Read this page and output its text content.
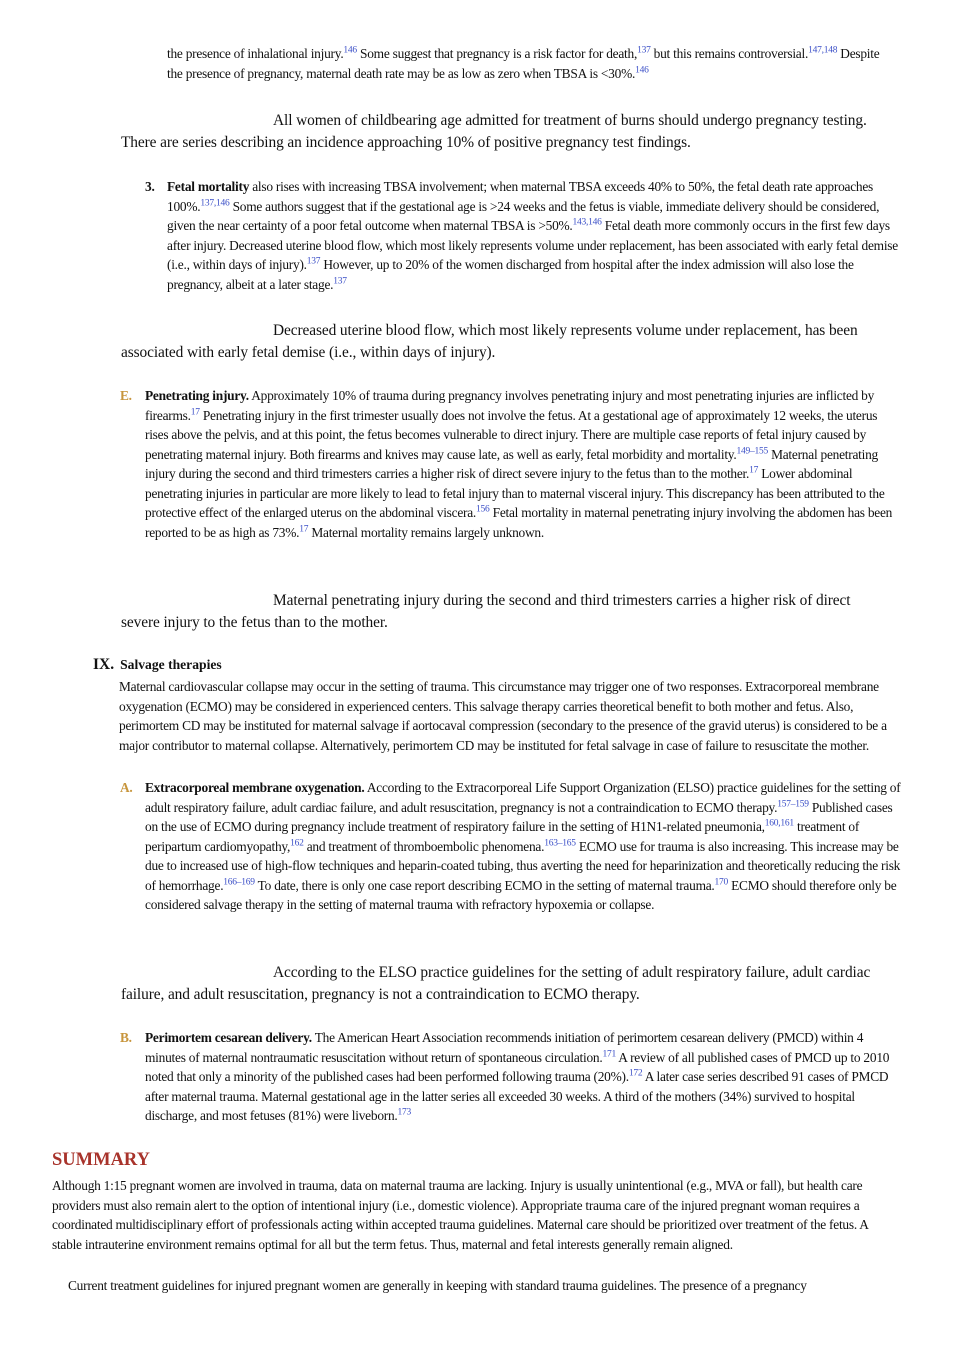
the presence of inhalational injury.$^{146}$ Some suggest that pregnancy is a risk factor for death,$^{137}$ but this remains controversial.$^{147,148}$ Despite the presence of pregnancy, maternal death rate may be as low as zero when TBSA is <30%.$^{146}$
All women of childbearing age admitted for treatment of burns should undergo pregnancy testing. There are series describing an incidence approaching 10% of positive pregnancy test findings.
3. Fetal mortality also rises with increasing TBSA involvement; when maternal TBSA exceeds 40% to 50%, the fetal death rate approaches 100%.$^{137,146}$ Some authors suggest that if the gestational age is >24 weeks and the fetus is viable, immediate delivery should be considered, given the near certainty of a poor fetal outcome when maternal TBSA is >50%.$^{143,146}$ Fetal death more commonly occurs in the first few days after injury. Decreased uterine blood flow, which most likely represents volume under replacement, has been associated with early fetal demise (i.e., within days of injury).$^{137}$ However, up to 20% of the women discharged from hospital after the index admission will also lose the pregnancy, albeit at a later stage.$^{137}$
Decreased uterine blood flow, which most likely represents volume under replacement, has been associated with early fetal demise (i.e., within days of injury).
E. Penetrating injury. Approximately 10% of trauma during pregnancy involves penetrating injury and most penetrating injuries are inflicted by firearms.$^{17}$ Penetrating injury in the first trimester usually does not involve the fetus. At a gestational age of approximately 12 weeks, the uterus rises above the pelvis, and at this point, the fetus becomes vulnerable to direct injury. There are multiple case reports of fetal injury caused by penetrating maternal injury. Both firearms and knives may cause late, as well as early, fetal morbidity and mortality.$^{149-155}$ Maternal penetrating injury during the second and third trimesters carries a higher risk of direct severe injury to the fetus than to the mother.$^{17}$ Lower abdominal penetrating injuries in particular are more likely to lead to fetal injury than to maternal visceral injury. This discrepancy has been attributed to the protective effect of the enlarged uterus on the abdominal viscera.$^{156}$ Fetal mortality in maternal penetrating injury involving the abdomen has been reported to be as high as 73%.$^{17}$ Maternal mortality remains largely unknown.
Maternal penetrating injury during the second and third trimesters carries a higher risk of direct severe injury to the fetus than to the mother.
IX. Salvage therapies
Maternal cardiovascular collapse may occur in the setting of trauma. This circumstance may trigger one of two responses. Extracorporeal membrane oxygenation (ECMO) may be considered in experienced centers. This salvage therapy carries theoretical benefit to both mother and fetus. Also, perimortem CD may be instituted for maternal salvage if aortocaval compression (secondary to the presence of the gravid uterus) is considered to be a major contributor to maternal collapse. Alternatively, perimortem CD may be instituted for fetal salvage in case of failure to resuscitate the mother.
A. Extracorporeal membrane oxygenation. According to the Extracorporeal Life Support Organization (ELSO) practice guidelines for the setting of adult respiratory failure, adult cardiac failure, and adult resuscitation, pregnancy is not a contraindication to ECMO therapy.$^{157-159}$ Published cases on the use of ECMO during pregnancy include treatment of respiratory failure in the setting of H1N1-related pneumonia,$^{160,161}$ treatment of peripartum cardiomyopathy,$^{162}$ and treatment of thromboembolic phenomena.$^{163-165}$ ECMO use for trauma is also increasing. This increase may be due to increased use of high-flow techniques and heparin-coated tubing, thus averting the need for heparinization and theoretically reducing the risk of hemorrhage.$^{166-169}$ To date, there is only one case report describing ECMO in the setting of maternal trauma.$^{170}$ ECMO should therefore only be considered salvage therapy in the setting of maternal trauma with refractory hypoxemia or collapse.
According to the ELSO practice guidelines for the setting of adult respiratory failure, adult cardiac failure, and adult resuscitation, pregnancy is not a contraindication to ECMO therapy.
B. Perimortem cesarean delivery. The American Heart Association recommends initiation of perimortem cesarean delivery (PMCD) within 4 minutes of maternal nontraumatic resuscitation without return of spontaneous circulation.$^{171}$ A review of all published cases of PMCD up to 2010 noted that only a minority of the published cases had been performed following trauma (20%).$^{172}$ A later case series described 91 cases of PMCD after maternal trauma. Maternal gestational age in the latter series all exceeded 30 weeks. A third of the mothers (34%) survived to hospital discharge, and most fetuses (81%) were liveborn.$^{173}$
SUMMARY
Although 1:15 pregnant women are involved in trauma, data on maternal trauma are lacking. Injury is usually unintentional (e.g., MVA or fall), but health care providers must also remain alert to the option of intentional injury (i.e., domestic violence). Appropriate trauma care of the injured pregnant woman requires a coordinated multidisciplinary effort of professionals acting within accepted trauma guidelines. Maternal care should be prioritized over treatment of the fetus. A stable intrauterine environment remains optimal for all but the term fetus. Thus, maternal and fetal interests generally remain aligned.
Current treatment guidelines for injured pregnant women are generally in keeping with standard trauma guidelines. The presence of a pregnancy
